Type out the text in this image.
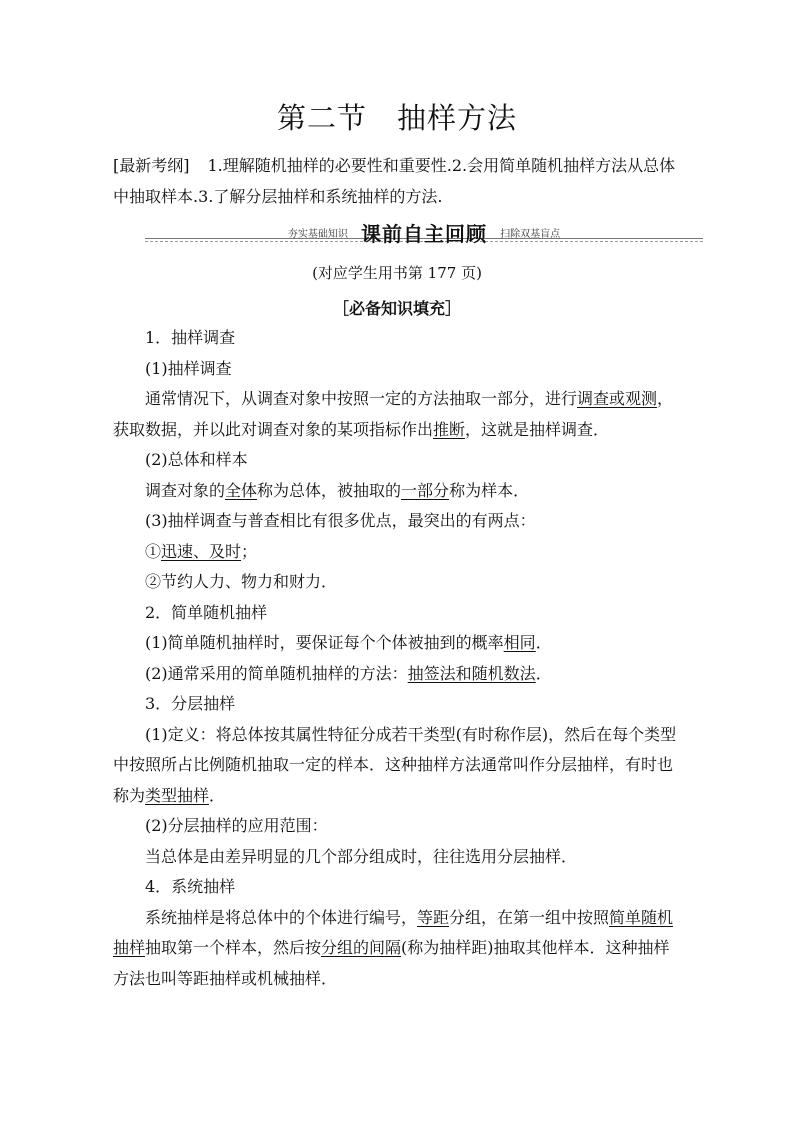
第二节 抽样方法
[最新考纲] 1.理解随机抽样的必要性和重要性.2.会用简单随机抽样方法从总体中抽取样本.3.了解分层抽样和系统抽样的方法.
夯实基础知识 课前自主回顾 扫除双基盲点
(对应学生用书第 177 页)
［必备知识填充］

1．抽样调查

(1)抽样调查

通常情况下，从调查对象中按照一定的方法抽取一部分，进行调查或观测，获取数据，并以此对调查对象的某项指标作出推断，这就是抽样调查．

(2)总体和样本

调查对象的全体称为总体，被抽取的一部分称为样本．

(3)抽样调查与普查相比有很多优点，最突出的有两点：

①迅速、及时；

②节约人力、物力和财力．

2．简单随机抽样

(1)简单随机抽样时，要保证每个个体被抽到的概率相同．

(2)通常采用的简单随机抽样的方法：抽签法和随机数法．

3．分层抽样

(1)定义：将总体按其属性特征分成若干类型(有时称作层)，然后在每个类型中按照所占比例随机抽取一定的样本．这种抽样方法通常叫作分层抽样，有时也称为类型抽样．

(2)分层抽样的应用范围：

当总体是由差异明显的几个部分组成时，往往选用分层抽样．

4．系统抽样

系统抽样是将总体中的个体进行编号，等距分组，在第一组中按照简单随机抽样抽取第一个样本，然后按分组的间隔(称为抽样距)抽取其他样本．这种抽样方法也叫等距抽样或机械抽样．
